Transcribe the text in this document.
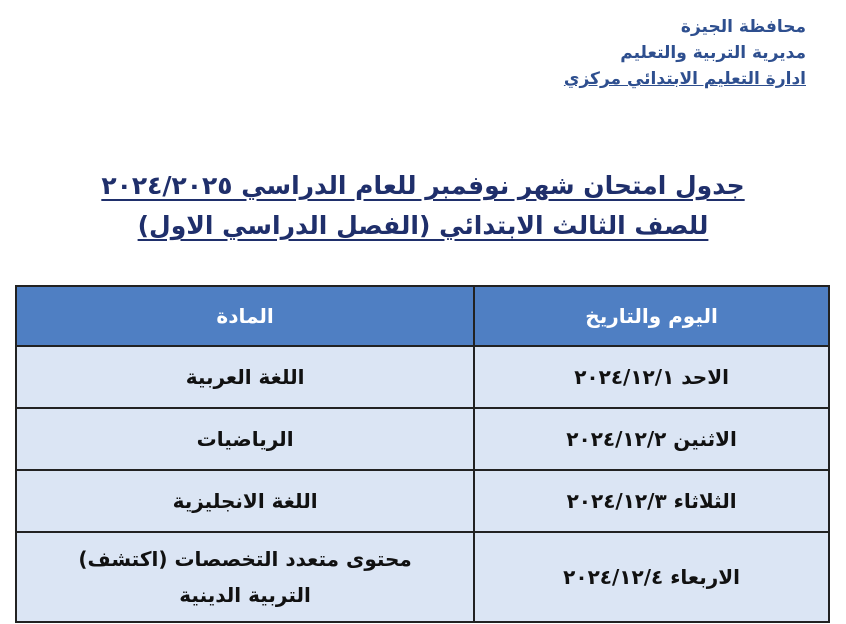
محافظة الجيزة
مديرية التربية والتعليم
ادارة التعليم الابتدائي مركزي
جدول امتحان شهر نوفمبر للعام الدراسي ٢٠٢٤/٢٠٢٥
للصف الثالث الابتدائي (الفصل الدراسي الاول)
اليوم والتاريخ	المادة
الاحد ٢٠٢٤/١٢/١	اللغة العربية
الاثنين ٢٠٢٤/١٢/٢	الرياضيات
الثلاثاء ٢٠٢٤/١٢/٣	اللغة الانجليزية
الاربعاء ٢٠٢٤/١٢/٤	محتوى متعدد التخصصات (اكتشف)
التربية الدينية
